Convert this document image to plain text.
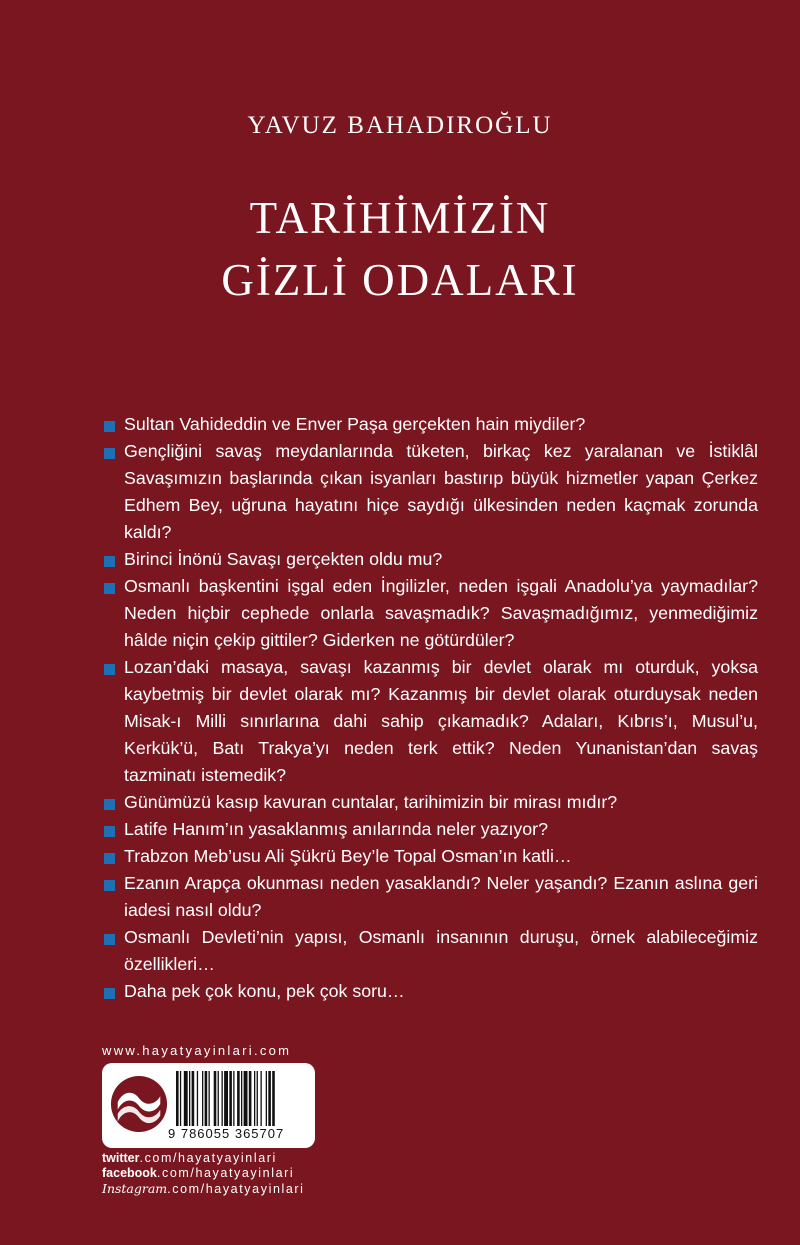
YAVUZ BAHADIROĞLU
TARİHİMİZİN
GİZLİ ODALARI
Sultan Vahideddin ve Enver Paşa gerçekten hain miydiler?
Gençliğini savaş meydanlarında tüketen, birkaç kez yaralanan ve İstiklâl Savaşımızın başlarında çıkan isyanları bastırıp büyük hizmetler yapan Çerkez Edhem Bey, uğruna hayatını hiçe saydığı ülkesinden neden kaçmak zorunda kaldı?
Birinci İnönü Savaşı gerçekten oldu mu?
Osmanlı başkentini işgal eden İngilizler, neden işgali Anadolu’ya yaymadılar? Neden hiçbir cephede onlarla savaşmadık? Savaşmadığımız, yenmediğimiz hâlde niçin çekip gittiler? Giderken ne götürdüler?
Lozan’daki masaya, savaşı kazanmış bir devlet olarak mı oturduk, yoksa kaybetmiş bir devlet olarak mı? Kazanmış bir devlet olarak oturduysak neden Misak-ı Milli sınırlarına dahi sahip çıkamadık? Adaları, Kıbrıs’ı, Musul’u, Kerkük’ü, Batı Trakya’yı neden terk ettik? Neden Yunanistan’dan savaş tazminatı istemedik?
Günümüzü kasıp kavuran cuntalar, tarihimizin bir mirası mıdır?
Latife Hanım’ın yasaklanmış anılarında neler yazıyor?
Trabzon Meb’usu Ali Şükrü Bey’le Topal Osman’ın katli…
Ezanın Arapça okunması neden yasaklandı? Neler yaşandı? Ezanın aslına geri iadesi nasıl oldu?
Osmanlı Devleti’nin yapısı, Osmanlı insanının duruşu, örnek alabileceğimiz özellikleri…
Daha pek çok konu, pek çok soru…
www.hayatyayinlari.com
9 786055 365707
twitter.com/hayatyayinlari
facebook.com/hayatyayinlari
Instagram.com/hayatyayinlari
